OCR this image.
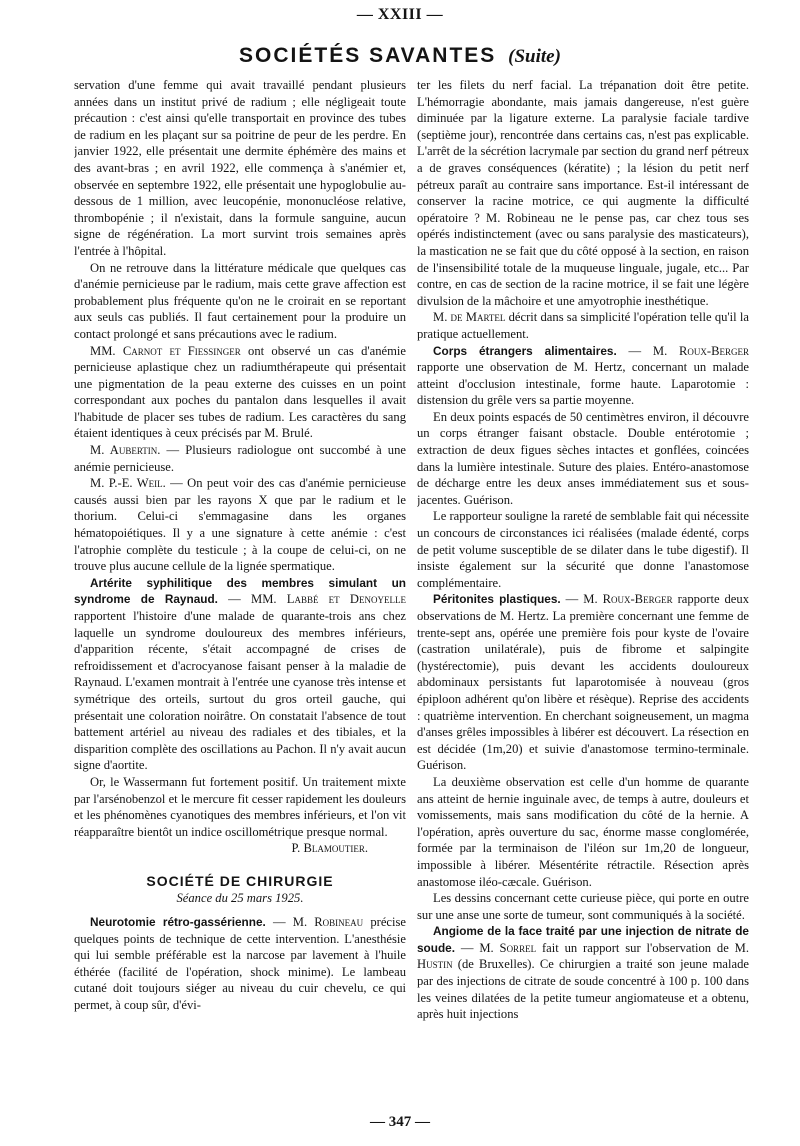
— XXIII —
SOCIÉTÉS SAVANTES (Suite)

servation d'une femme qui avait travaillé pendant plusieurs années dans un institut privé de radium ; elle négligeait toute précaution : c'est ainsi qu'elle transportait en province des tubes de radium en les plaçant sur sa poitrine de peur de les perdre. En janvier 1922, elle présentait une dermite éphémère des mains et des avant-bras ; en avril 1922, elle commença à s'anémier et, observée en septembre 1922, elle présentait une hypoglobulie au-dessous de 1 million, avec leucopénie, mononucléose relative, thrombopénie ; il n'existait, dans la formule sanguine, aucun signe de régénération. La mort survint trois semaines après l'entrée à l'hôpital.

On ne retrouve dans la littérature médicale que quelques cas d'anémie pernicieuse par le radium, mais cette grave affection est probablement plus fréquente qu'on ne le croirait en se reportant aux seuls cas publiés. Il faut certainement pour la produire un contact prolongé et sans précautions avec le radium.

MM. Carnot et Fiessinger ont observé un cas d'anémie pernicieuse aplastique chez un radiumthérapeute qui présentait une pigmentation de la peau externe des cuisses en un point correspondant aux poches du pantalon dans lesquelles il avait l'habitude de placer ses tubes de radium. Les caractères du sang étaient identiques à ceux précisés par M. Brulé.

M. Aubertin. — Plusieurs radiologue ont succombé à une anémie pernicieuse.

M. P.-E. Weil. — On peut voir des cas d'anémie pernicieuse causés aussi bien par les rayons X que par le radium et le thorium. Celui-ci s'emmagasine dans les organes hématopoiétiques. Il y a une signature à cette anémie : c'est l'atrophie complète du testicule ; à la coupe de celui-ci, on ne trouve plus aucune cellule de la lignée spermatique.

Artérite syphilitique des membres simulant un syndrome de Raynaud. — MM. Labbé et Denoyelle rapportent l'histoire d'une malade de quarante-trois ans chez laquelle un syndrome douloureux des membres inférieurs, d'apparition récente, s'était accompagné de crises de refroidissement et d'acrocyanose faisant penser à la maladie de Raynaud. L'examen montrait à l'entrée une cyanose très intense et symétrique des orteils, surtout du gros orteil gauche, qui présentait une coloration noirâtre. On constatait l'absence de tout battement artériel au niveau des radiales et des tibiales, et la disparition complète des oscillations au Pachon. Il n'y avait aucun signe d'aortite.

Or, le Wassermann fut fortement positif. Un traitement mixte par l'arsénobenzol et le mercure fit cesser rapidement les douleurs et les phénomènes cyanotiques des membres inférieurs, et l'on vit réapparaître bientôt un indice oscillométrique presque normal.

P. Blamoutier.

SOCIÉTÉ DE CHIRURGIE
Séance du 25 mars 1925.

Neurotomie rétro-gassérienne. — M. Robineau précise quelques points de technique de cette intervention. L'anesthésie qui lui semble préférable est la narcose par lavement à l'huile éthérée (facilité de l'opération, shock minime). Le lambeau cutané doit toujours siéger au niveau du cuir chevelu, ce qui permet, à coup sûr, d'évi-

ter les filets du nerf facial. La trépanation doit être petite. L'hémorragie abondante, mais jamais dangereuse, n'est guère diminuée par la ligature externe. La paralysie faciale tardive (septième jour), rencontrée dans certains cas, n'est pas explicable. L'arrêt de la sécrétion lacrymale par section du grand nerf pétreux a de graves conséquences (kératite) ; la lésion du petit nerf pétreux paraît au contraire sans importance. Est-il intéressant de conserver la racine motrice, ce qui augmente la difficulté opératoire ? M. Robineau ne le pense pas, car chez tous ses opérés indistinctement (avec ou sans paralysie des masticateurs), la mastication ne se fait que du côté opposé à la section, en raison de l'insensibilité totale de la muqueuse linguale, jugale, etc... Par contre, en cas de section de la racine motrice, il se fait une légère divulsion de la mâchoire et une amyotrophie inesthétique.

M. de Martel décrit dans sa simplicité l'opération telle qu'il la pratique actuellement.

Corps étrangers alimentaires. — M. Roux-Berger rapporte une observation de M. Hertz, concernant un malade atteint d'occlusion intestinale, forme haute. Laparotomie : distension du grêle vers sa partie moyenne.

En deux points espacés de 50 centimètres environ, il découvre un corps étranger faisant obstacle. Double entérotomie ; extraction de deux figues sèches intactes et gonflées, coincées dans la lumière intestinale. Suture des plaies. Entéro-anastomose de décharge entre les deux anses immédiatement sus et sous-jacentes. Guérison.

Le rapporteur souligne la rareté de semblable fait qui nécessite un concours de circonstances ici réalisées (malade édenté, corps de petit volume susceptible de se dilater dans le tube digestif). Il insiste également sur la sécurité que donne l'anastomose complémentaire.

Péritonites plastiques. — M. Roux-Berger rapporte deux observations de M. Hertz. La première concernant une femme de trente-sept ans, opérée une première fois pour kyste de l'ovaire (castration unilatérale), puis de fibrome et salpingite (hystérectomie), puis devant les accidents douloureux abdominaux persistants fut laparotomisée à nouveau (gros épiploon adhérent qu'on libère et résèque). Reprise des accidents : quatrième intervention. En cherchant soigneusement, un magma d'anses grêles impossibles à libérer est découvert. La résection en est décidée (1m,20) et suivie d'anastomose termino-terminale. Guérison.

La deuxième observation est celle d'un homme de quarante ans atteint de hernie inguinale avec, de temps à autre, douleurs et vomissements, mais sans modification du côté de la hernie. A l'opération, après ouverture du sac, énorme masse conglomérée, formée par la terminaison de l'iléon sur 1m,20 de longueur, impossible à libérer. Mésentérite rétractile. Résection après anastomose iléo-cæcale. Guérison.

Les dessins concernant cette curieuse pièce, qui porte en outre sur une anse une sorte de tumeur, sont communiqués à la société.

Angiome de la face traité par une injection de nitrate de soude. — M. Sorrel fait un rapport sur l'observation de M. Hustin (de Bruxelles). Ce chirurgien a traité son jeune malade par des injections de citrate de soude concentré à 100 p. 100 dans les veines dilatées de la petite tumeur angiomateuse et a obtenu, après huit injections

— 347 —
